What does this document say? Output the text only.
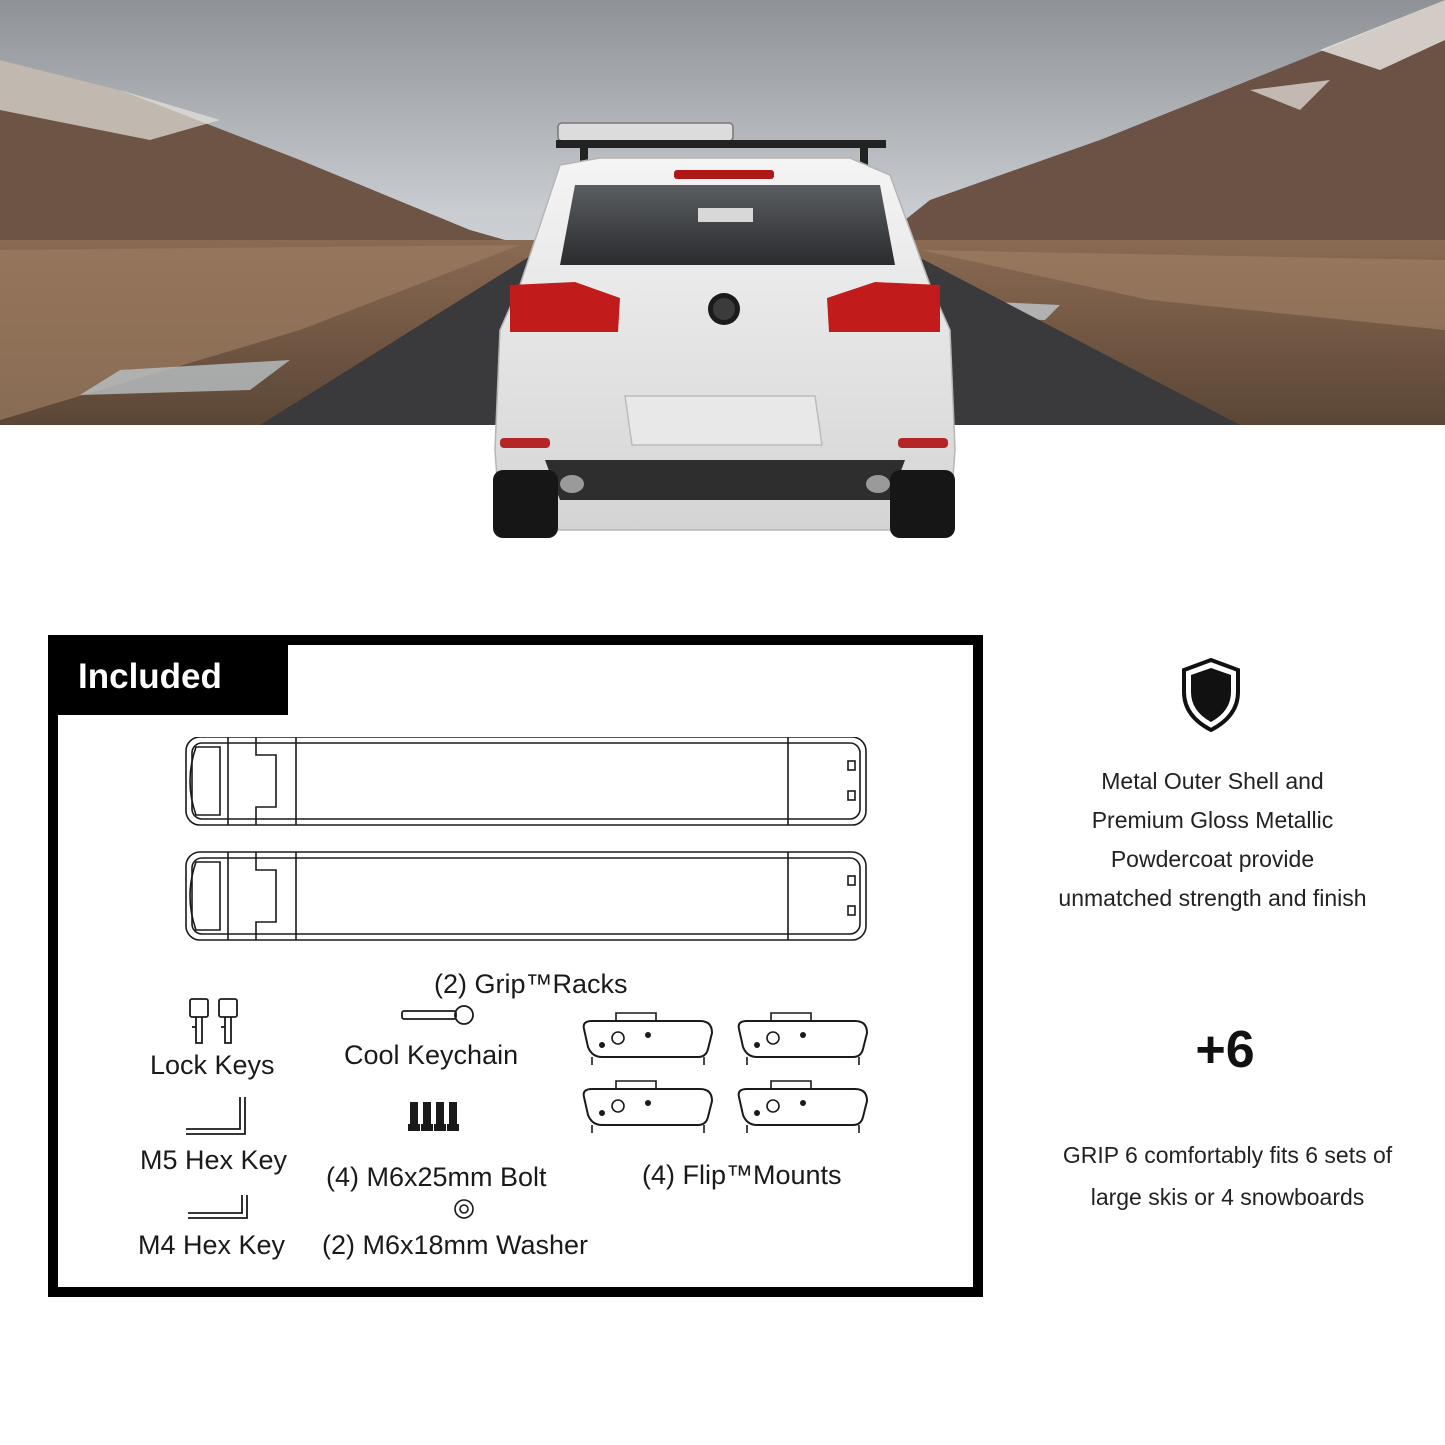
Included
(2) Grip™Racks
Lock Keys	Cool Keychain
M5 Hex Key
M4 Hex Key
(4) M6x25mm Bolt
(2) M6x18mm Washer
(4) Flip™Mounts
Metal Outer Shell and Premium Gloss Metallic Powdercoat provide unmatched strength and finish
+6
GRIP 6 comfortably fits 6 sets of large skis or 4 snowboards
